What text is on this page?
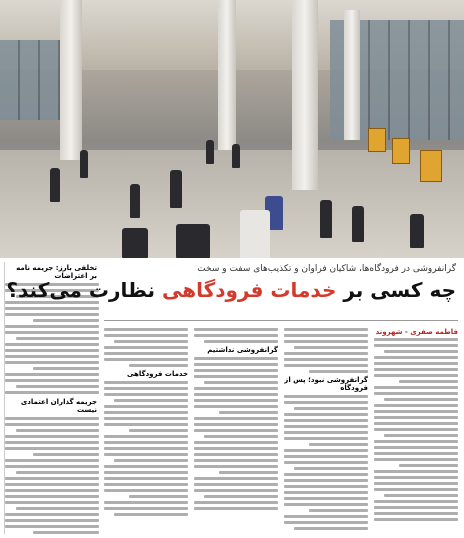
تخلفی بارز: جریمه نامه بر اعتراضات
جریمه گذاران اعتمادی نیست
گرانفروشی در فرودگاه‌ها، شاکیان فراوان و تکذیب‌های سفت و سخت
چه کسی بر خدمات فرودگاهی نظارت می‌کند؟
فاطمه صفری - شهروند
گرانفروشی نبود؛ پس از فرودگاه
گرانفروشی نداشتیم
خدمات فرودگاهی
